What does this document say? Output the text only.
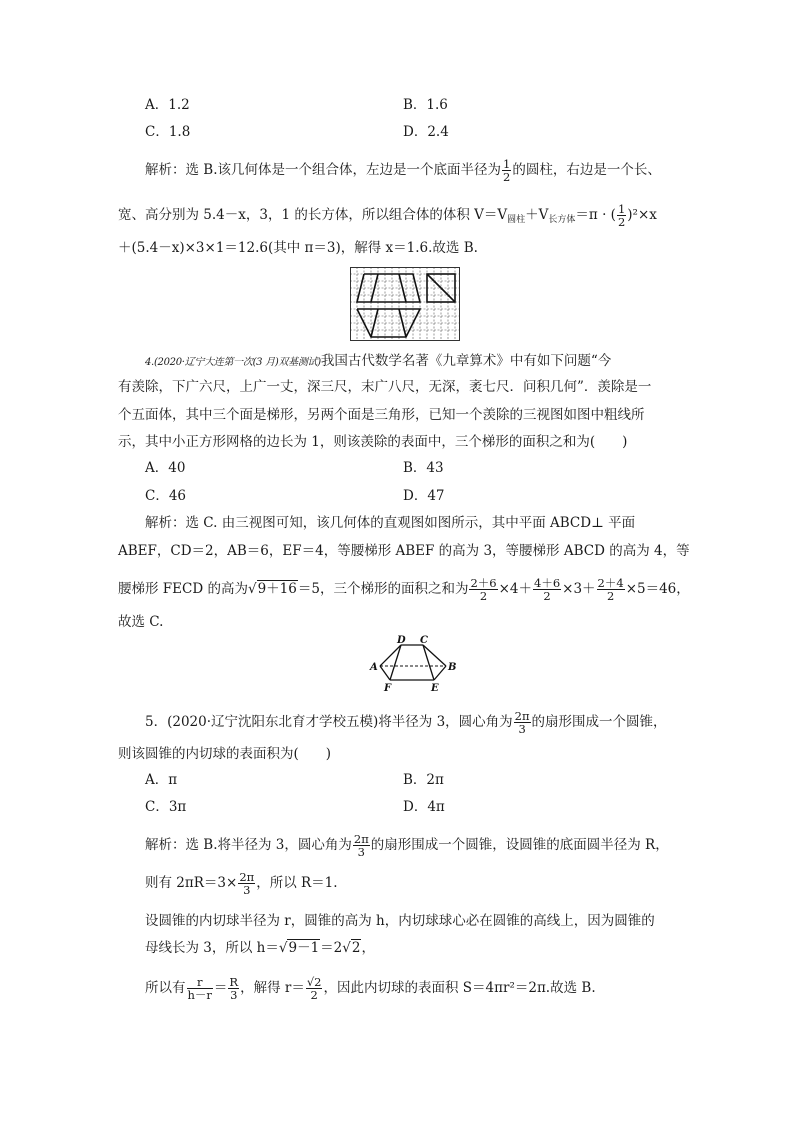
A．1.2	B．1.6
C．1.8	D．2.4
解析：选 B.该几何体是一个组合体，左边是一个底面半径为 $\frac{1}{2}$ 的圆柱，右边是一个长、
宽、高分别为 5.4－x，3，1 的长方体，所以组合体的体积 $V=V_{圆柱}+V_{长方体}=\pi$ · ( $\frac{1}{2} )^2\times x$
＋(5.4－x)×3×1＝12.6(其中 π＝3)，解得 x＝1.6.故选 B.
4.(2020·辽宁大连第一次(3 月)双基测试)我国古代数学名著《九章算术》中有如下问题“今
有羡除，下广六尺，上广一丈，深三尺，末广八尺，无深，袤七尺．问积几何”．羡除是一
个五面体，其中三个面是梯形，另两个面是三角形，已知一个羡除的三视图如图中粗线所
示，其中小正方形网格的边长为 1，则该羡除的表面中，三个梯形的面积之和为(　　)
A．40	B．43
C．46	D．47
解析：选 C. 由三视图可知，该几何体的直观图如图所示，其中平面 ABCD⊥ 平面
ABEF，CD＝2，AB＝6，EF＝4，等腰梯形 ABEF 的高为 3，等腰梯形 ABCD 的高为 4，等
腰梯形 FECD 的高为√9＋16＝5，三个梯形的面积之和为 $\frac{2+6}{2} \times 4+ \frac{4+6}{2} \times 3+ \frac{2+4}{2} \times 5=46$，
故选 C.
D C
A	B
F	E
5．(2020·辽宁沈阳东北育才学校五模)将半径为 3，圆心角为 $\frac{2\pi}{3}$ 的扇形围成一个圆锥，
则该圆锥的内切球的表面积为(　　)
A．π	B．2π
C．3π	D．4π
解析：选 B.将半径为 3，圆心角为 $\frac{2\pi}{3}$ 的扇形围成一个圆锥，设圆锥的底面圆半径为 R，
则有 $2\pi R=3\times \frac{2\pi}{3}$ ，所以 R＝1.
设圆锥的内切球半径为 r，圆锥的高为 h，内切球球心必在圆锥的高线上，因为圆锥的
母线长为 3，所以 h＝√9－1＝2√2，
所以有 $\frac{r}{h-r} = \frac{R}{3}$ ，解得 $r= \frac{√2}{2}$ ，因此内切球的表面积 S＝4πr²＝2π.故选 B.
